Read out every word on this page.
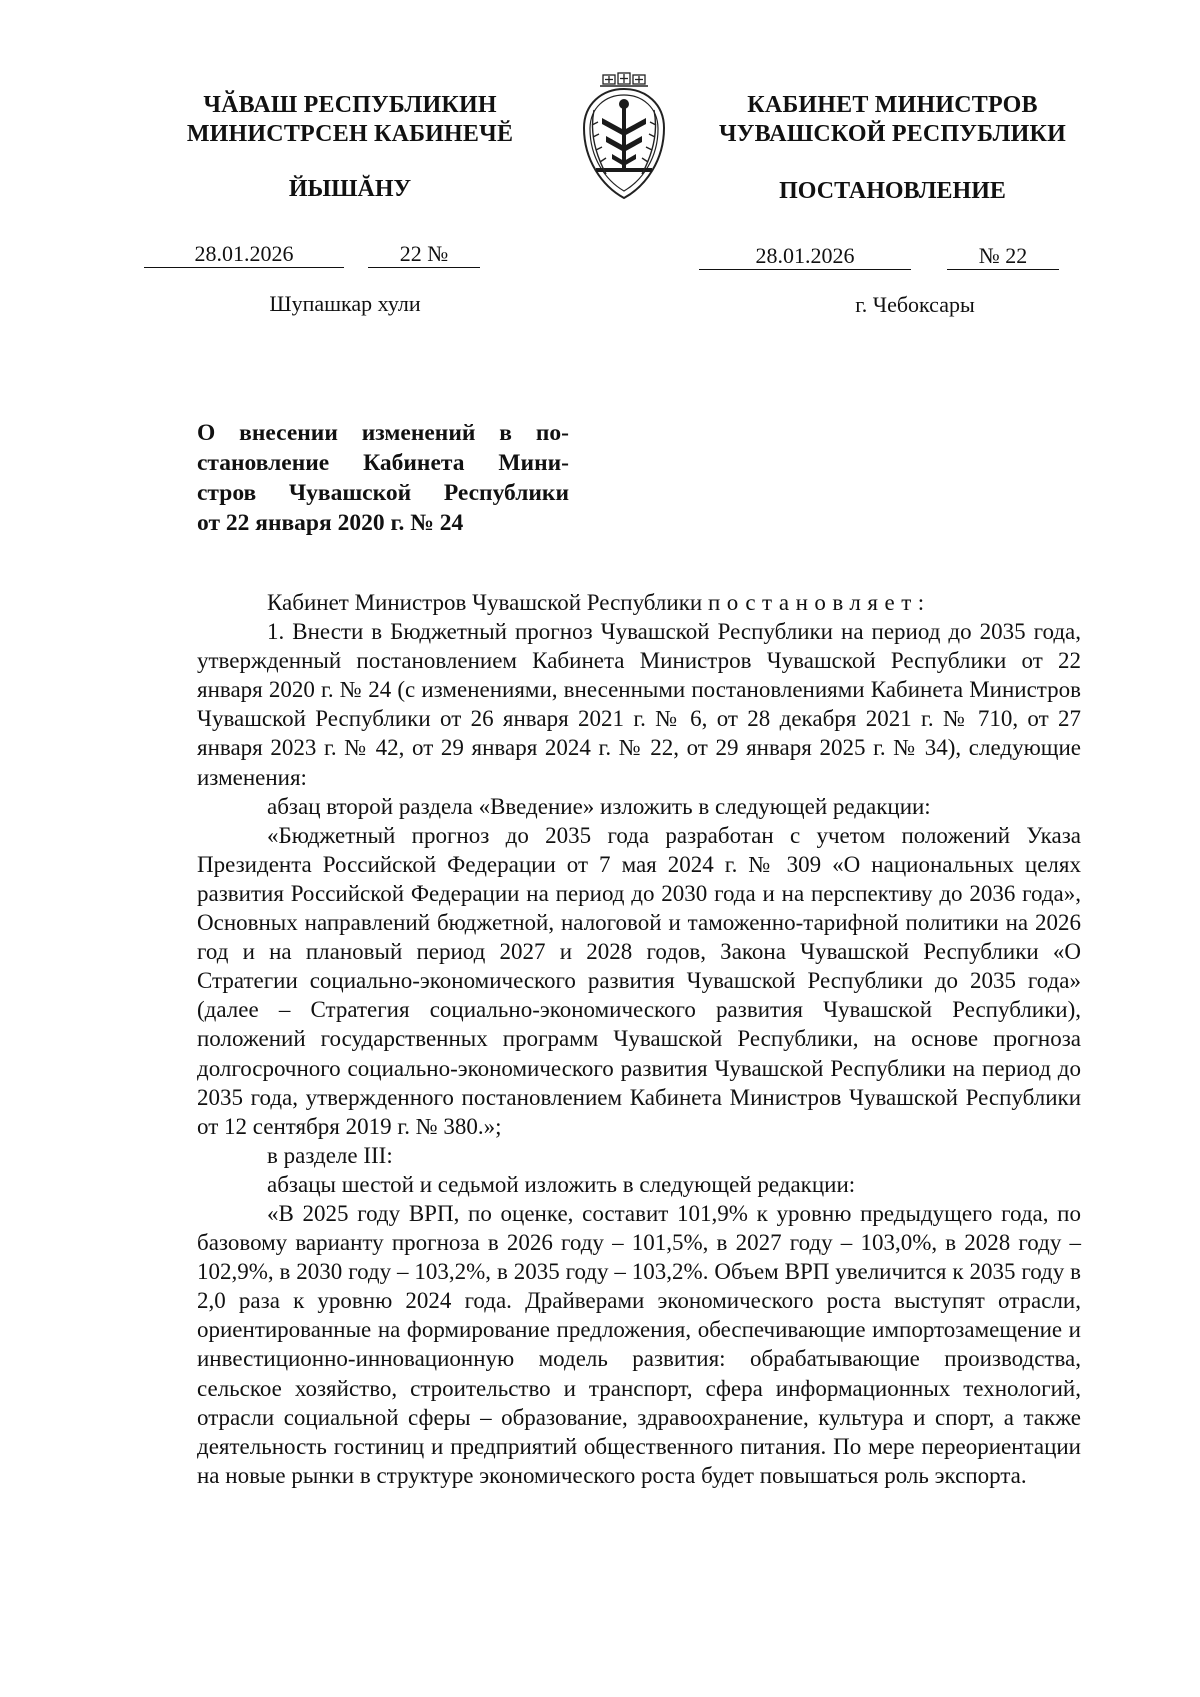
ЧӐВАШ РЕСПУБЛИКИН
МИНИСТРСЕН КАБИНЕЧӖ
ЙЫШĂНУ
28.01.2026	22 №
Шупашкар хули
КАБИНЕТ МИНИСТРОВ
ЧУВАШСКОЙ РЕСПУБЛИКИ
ПОСТАНОВЛЕНИЕ
28.01.2026	№ 22
г. Чебоксары
О внесении изменений в по-
становление Кабинета Мини-
стров Чувашской Республики
от 22 января 2020 г. № 24

Кабинет Министров Чувашской Республики постановляет:

1. Внести в Бюджетный прогноз Чувашской Республики на период до 2035 года, утвержденный постановлением Кабинета Министров Чувашской Республики от 22 января 2020 г. № 24 (с изменениями, внесенными постановлениями Кабинета Министров Чувашской Республики от 26 января 2021 г. № 6, от 28 декабря 2021 г. № 710, от 27 января 2023 г. № 42, от 29 января 2024 г. № 22, от 29 января 2025 г. № 34), следующие изменения:

абзац второй раздела «Введение» изложить в следующей редакции:

«Бюджетный прогноз до 2035 года разработан с учетом положений Указа Президента Российской Федерации от 7 мая 2024 г. № 309 «О национальных целях развития Российской Федерации на период до 2030 года и на перспективу до 2036 года», Основных направлений бюджетной, налоговой и таможенно-тарифной политики на 2026 год и на плановый период 2027 и 2028 годов, Закона Чувашской Республики «О Стратегии социально-экономического развития Чувашской Республики до 2035 года» (далее – Стратегия социально-экономического развития Чувашской Республики), положений государственных программ Чувашской Республики, на основе прогноза долгосрочного социально-экономического развития Чувашской Республики на период до 2035 года, утвержденного постановлением Кабинета Министров Чувашской Республики от 12 сентября 2019 г. № 380.»;

в разделе III:

абзацы шестой и седьмой изложить в следующей редакции:

«В 2025 году ВРП, по оценке, составит 101,9% к уровню предыдущего года, по базовому варианту прогноза в 2026 году – 101,5%, в 2027 году – 103,0%, в 2028 году – 102,9%, в 2030 году – 103,2%, в 2035 году – 103,2%. Объем ВРП увеличится к 2035 году в 2,0 раза к уровню 2024 года. Драйверами экономического роста выступят отрасли, ориентированные на формирование предложения, обеспечивающие импортозамещение и инвестиционно-инновационную модель развития: обрабатывающие производства, сельское хозяйство, строительство и транспорт, сфера информационных технологий, отрасли социальной сферы – образование, здравоохранение, культура и спорт, а также деятельность гостиниц и предприятий общественного питания. По мере переориентации на новые рынки в структуре экономического роста будет повышаться роль экспорта.
